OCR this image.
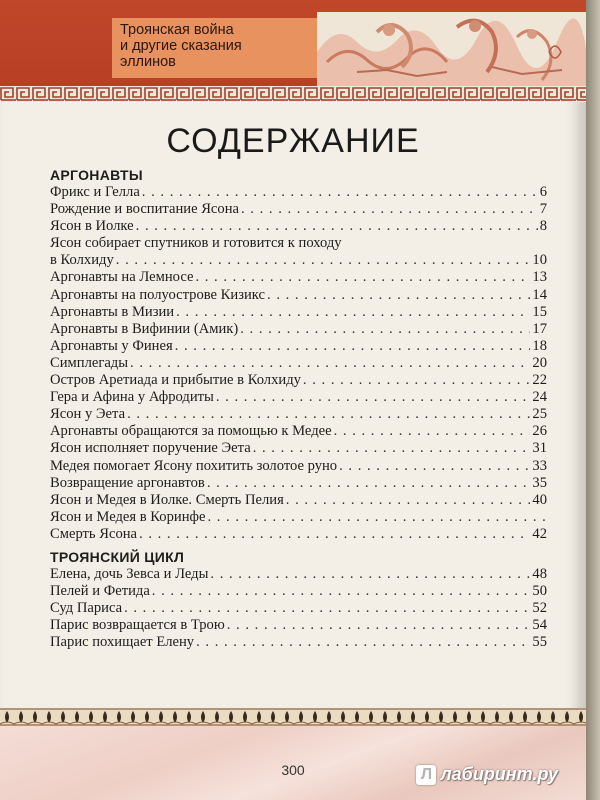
Троянская война
и другие сказания
эллинов
СОДЕРЖАНИЕ
АРГОНАВТЫ
Фрикс и Гелла . . .	6
Рождение и воспитание Ясона . . .	7
Ясон в Иолке . . .	8
Ясон собирает спутников и готовится к походу
в Колхиду . . .	10
Аргонавты на Лемносе . . .	13
Аргонавты на полуострове Кизикс . . .	14
Аргонавты в Мизии . . .	15
Аргонавты в Вифинии (Амик) . . .	17
Аргонавты у Финея . . .	18
Симплегады . . .	20
Остров Аретиада и прибытие в Колхиду . . .	22
Гера и Афина у Афродиты . . .	24
Ясон у Эета . . .	25
Аргонавты обращаются за помощью к Медее . . .	26
Ясон исполняет поручение Эета . . .	31
Медея помогает Ясону похитить золотое руно . . .	33
Возвращение аргонавтов . . .	35
Ясон и Медея в Иолке. Смерть Пелия . . .	40
Ясон и Медея в Коринфе
. . .
Смерть Ясона . . .	42
ТРОЯНСКИЙ ЦИКЛ
Елена, дочь Зевса и Леды . . .	48
Пелей и Фетида . . .	50
Суд Париса . . .	52
Парис возвращается в Трою . . .	54
Парис похищает Елену . . .	55
300	Л лабиринт.ру
